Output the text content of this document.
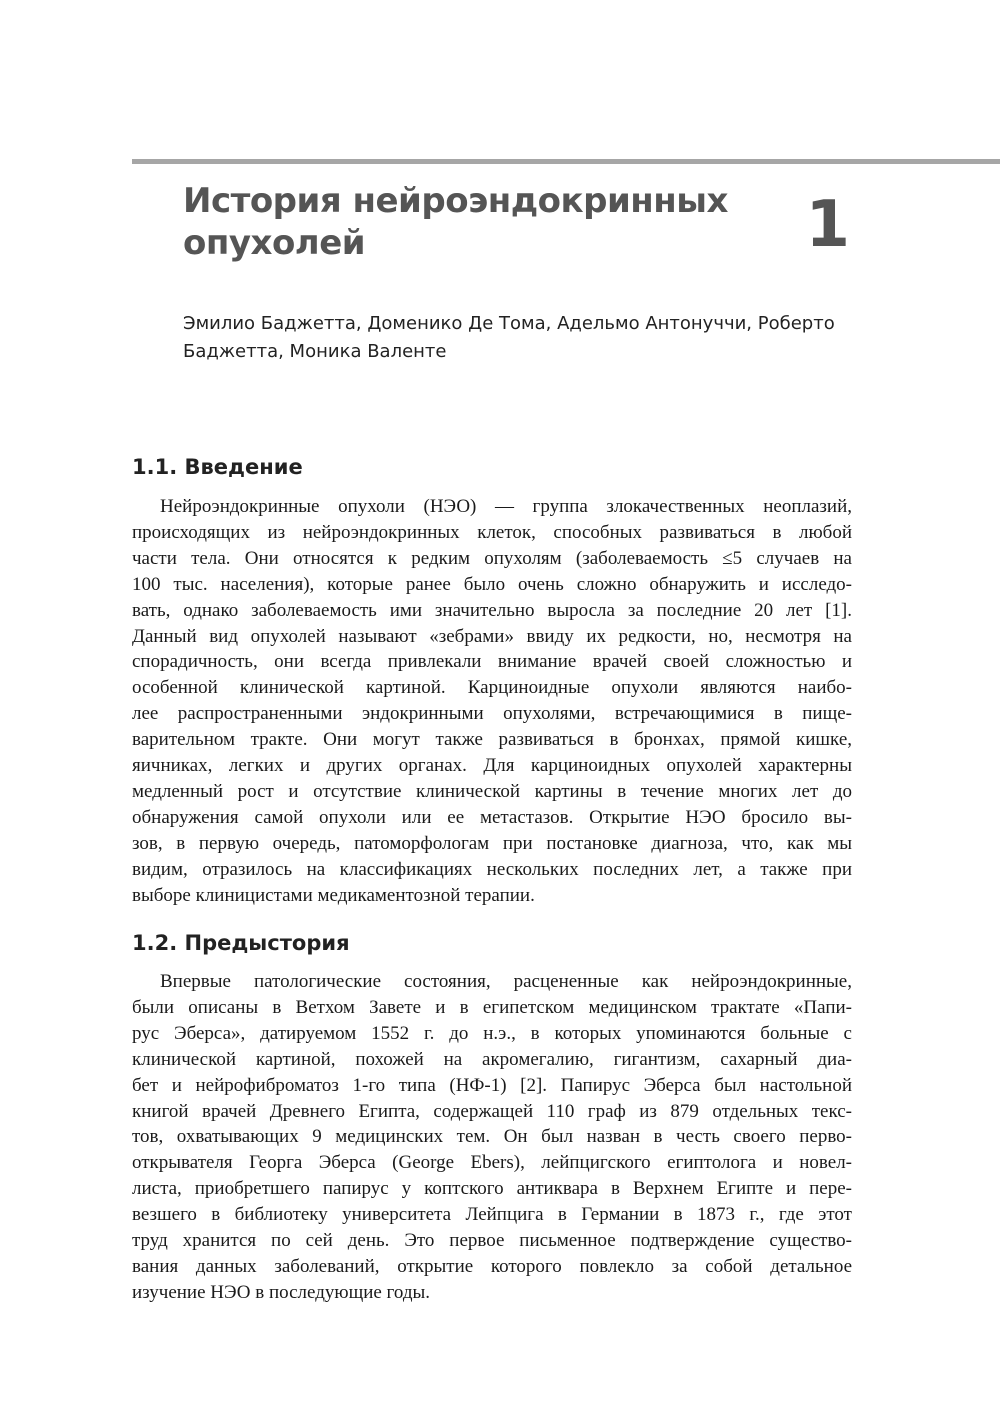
История нейроэндокринных
опухолей	1

Эмилио Баджетта, Доменико Де Тома, Адельмо Антонуччи, Роберто
Баджетта, Моника Валенте

1.1. Введение

Нейроэндокринные опухоли (НЭО) — группа злокачественных неоплазий,
происходящих из нейроэндокринных клеток, способных развиваться в любой
части тела. Они относятся к редким опухолям (заболеваемость ≤5 случаев на
100 тыс. населения), которые ранее было очень сложно обнаружить и исследо-
вать, однако заболеваемость ими значительно выросла за последние 20 лет [1].
Данный вид опухолей называют «зебрами» ввиду их редкости, но, несмотря на
спорадичность, они всегда привлекали внимание врачей своей сложностью и
особенной клинической картиной. Карциноидные опухоли являются наибо-
лее распространенными эндокринными опухолями, встречающимися в пище-
варительном тракте. Они могут также развиваться в бронхах, прямой кишке,
яичниках, легких и других органах. Для карциноидных опухолей характерны
медленный рост и отсутствие клинической картины в течение многих лет до
обнаружения самой опухоли или ее метастазов. Открытие НЭО бросило вы-
зов, в первую очередь, патоморфологам при постановке диагноза, что, как мы
видим, отразилось на классификациях нескольких последних лет, а также при
выборе клиницистами медикаментозной терапии.

1.2. Предыстория

Впервые патологические состояния, расцененные как нейроэндокринные,
были описаны в Ветхом Завете и в египетском медицинском трактате «Папи-
рус Эберса», датируемом 1552 г. до н.э., в которых упоминаются больные с
клинической картиной, похожей на акромегалию, гигантизм, сахарный диа-
бет и нейрофиброматоз 1-го типа (НФ-1) [2]. Папирус Эберса был настольной
книгой врачей Древнего Египта, содержащей 110 граф из 879 отдельных текс-
тов, охватывающих 9 медицинских тем. Он был назван в честь своего перво-
открывателя Георга Эберса (George Ebers), лейпцигского египтолога и новел-
листа, приобретшего папирус у коптского антиквара в Верхнем Египте и пере-
везшего в библиотеку университета Лейпцига в Германии в 1873 г., где этот
труд хранится по сей день. Это первое письменное подтверждение существо-
вания данных заболеваний, открытие которого повлекло за собой детальное
изучение НЭО в последующие годы.
